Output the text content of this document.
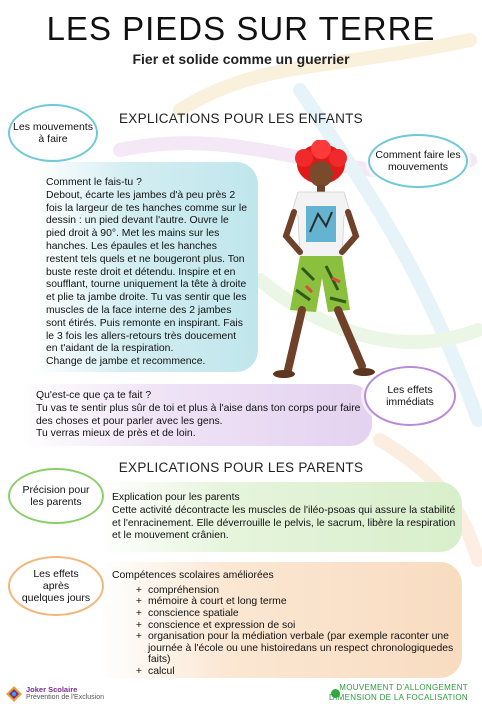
LES PIEDS SUR TERRE
Fier et solide comme un guerrier
EXPLICATIONS POUR LES ENFANTS
Les mouvements à faire
Comment faire les mouvements

Comment le fais-tu ?

Debout, écarte les jambes d'à peu près 2 fois la largeur de tes hanches comme sur le dessin : un pied devant l'autre. Ouvre le pied droit à 90°. Met les mains sur les hanches. Les épaules et les hanches restent tels quels et ne bougeront plus. Ton buste reste droit et détendu. Inspire et en soufflant, tourne uniquement la tête à droite et plie ta jambe droite. Tu vas sentir que les muscles de la face interne des 2 jambes sont étirés. Puis remonte en inspirant. Fais le 3 fois les allers-retours très doucement en t'aidant de la respiration.
Change de jambe et recommence.

Qu'est-ce que ça te fait ?

Tu vas te sentir plus sûr de toi et plus à l'aise dans ton corps pour faire des choses et pour parler avec les gens.
Tu verras mieux de près et de loin.

Les effets immédiats
EXPLICATIONS POUR LES PARENTS
Précision pour les parents	Explication pour les parents

Cette activité décontracte les muscles de l'iléo-psoas qui assure la stabilité et l'enracinement. Elle déverrouille le pelvis, le sacrum, libère la respiration et le mouvement crânien.

Les effets après quelques jours

Compétences scolaires améliorées

+ compréhension
+ mémoire à court et long terme
+ conscience spatiale
+ conscience et expression de soi
+ organisation pour la médiation verbale (par exemple raconter une journée à l'école ou une histoiredans un respect chronologiquedes faits)
+ calcul
Joker Scolaire
Prévention de l'Exclusion
MOUVEMENT D'ALLONGEMENT
DIMENSION DE LA FOCALISATION
